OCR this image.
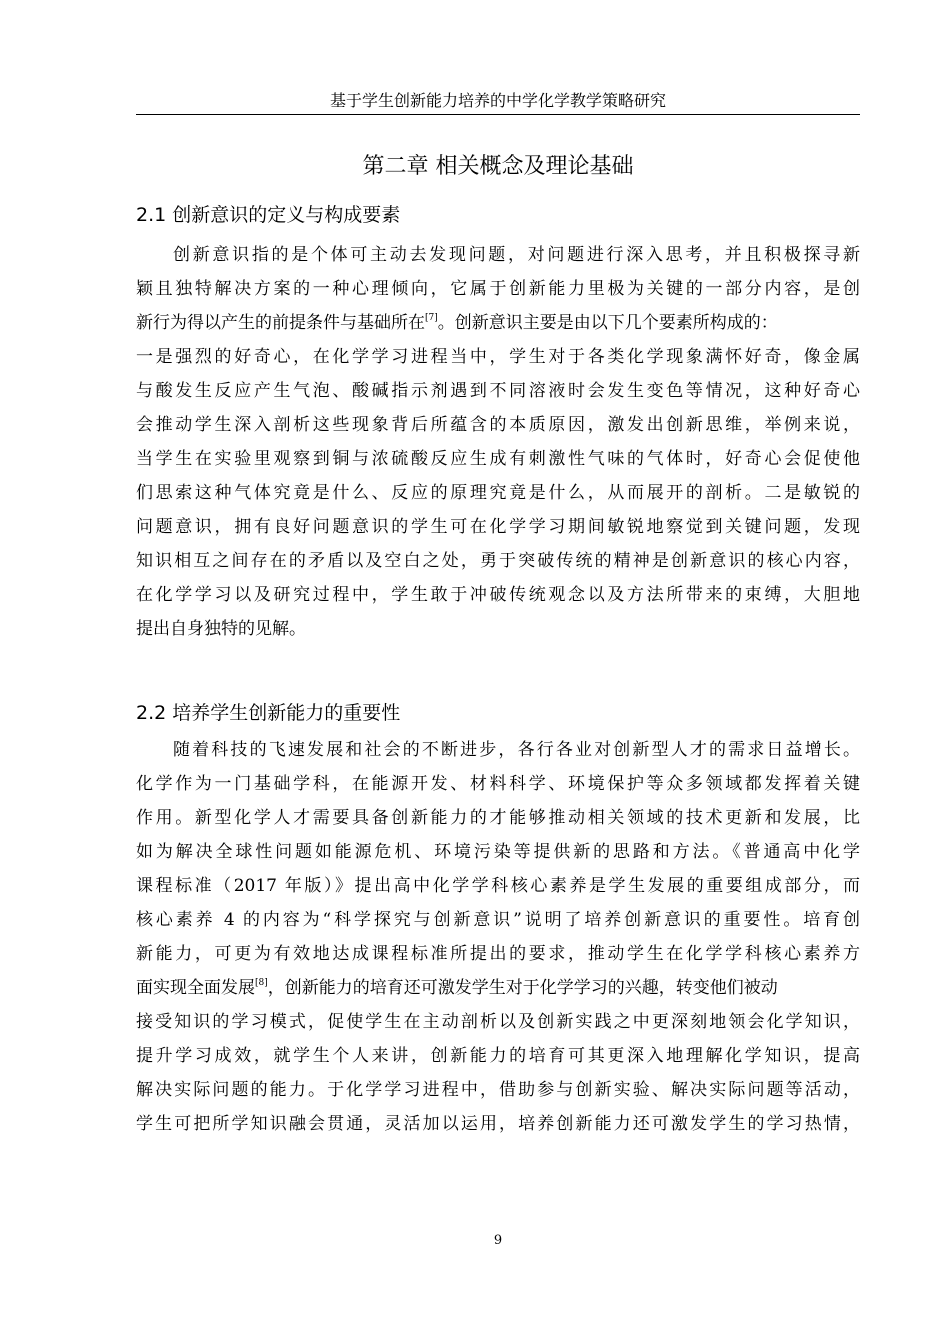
基于学生创新能力培养的中学化学教学策略研究
第二章 相关概念及理论基础
2.1 创新意识的定义与构成要素
创新意识指的是个体可主动去发现问题，对问题进行深入思考，并且积极探寻新
颖且独特解决方案的一种心理倾向，它属于创新能力里极为关键的一部分内容，是创
新行为得以产生的前提条件与基础所在[7]。创新意识主要是由以下几个要素所构成的：
一是强烈的好奇心，在化学学习进程当中，学生对于各类化学现象满怀好奇，像金属
与酸发生反应产生气泡、酸碱指示剂遇到不同溶液时会发生变色等情况，这种好奇心
会推动学生深入剖析这些现象背后所蕴含的本质原因，激发出创新思维，举例来说，
当学生在实验里观察到铜与浓硫酸反应生成有刺激性气味的气体时，好奇心会促使他
们思索这种气体究竟是什么、反应的原理究竟是什么，从而展开的剖析。二是敏锐的
问题意识，拥有良好问题意识的学生可在化学学习期间敏锐地察觉到关键问题，发现
知识相互之间存在的矛盾以及空白之处，勇于突破传统的精神是创新意识的核心内容，
在化学学习以及研究过程中，学生敢于冲破传统观念以及方法所带来的束缚，大胆地
提出自身独特的见解。
2.2 培养学生创新能力的重要性
随着科技的飞速发展和社会的不断进步，各行各业对创新型人才的需求日益增长。
化学作为一门基础学科，在能源开发、材料科学、环境保护等众多领域都发挥着关键
作用。新型化学人才需要具备创新能力的才能够推动相关领域的技术更新和发展，比
如为解决全球性问题如能源危机、环境污染等提供新的思路和方法。《普通高中化学
课程标准（2017 年版）》提出高中化学学科核心素养是学生发展的重要组成部分，而
核心素养 4 的内容为“科学探究与创新意识”说明了培养创新意识的重要性。培育创
新能力，可更为有效地达成课程标准所提出的要求，推动学生在化学学科核心素养方
面实现全面发展[8]，创新能力的培育还可激发学生对于化学学习的兴趣，转变他们被动
接受知识的学习模式，促使学生在主动剖析以及创新实践之中更深刻地领会化学知识，
提升学习成效，就学生个人来讲，创新能力的培育可其更深入地理解化学知识，提高
解决实际问题的能力。于化学学习进程中，借助参与创新实验、解决实际问题等活动，
学生可把所学知识融会贯通，灵活加以运用，培养创新能力还可激发学生的学习热情，
9
